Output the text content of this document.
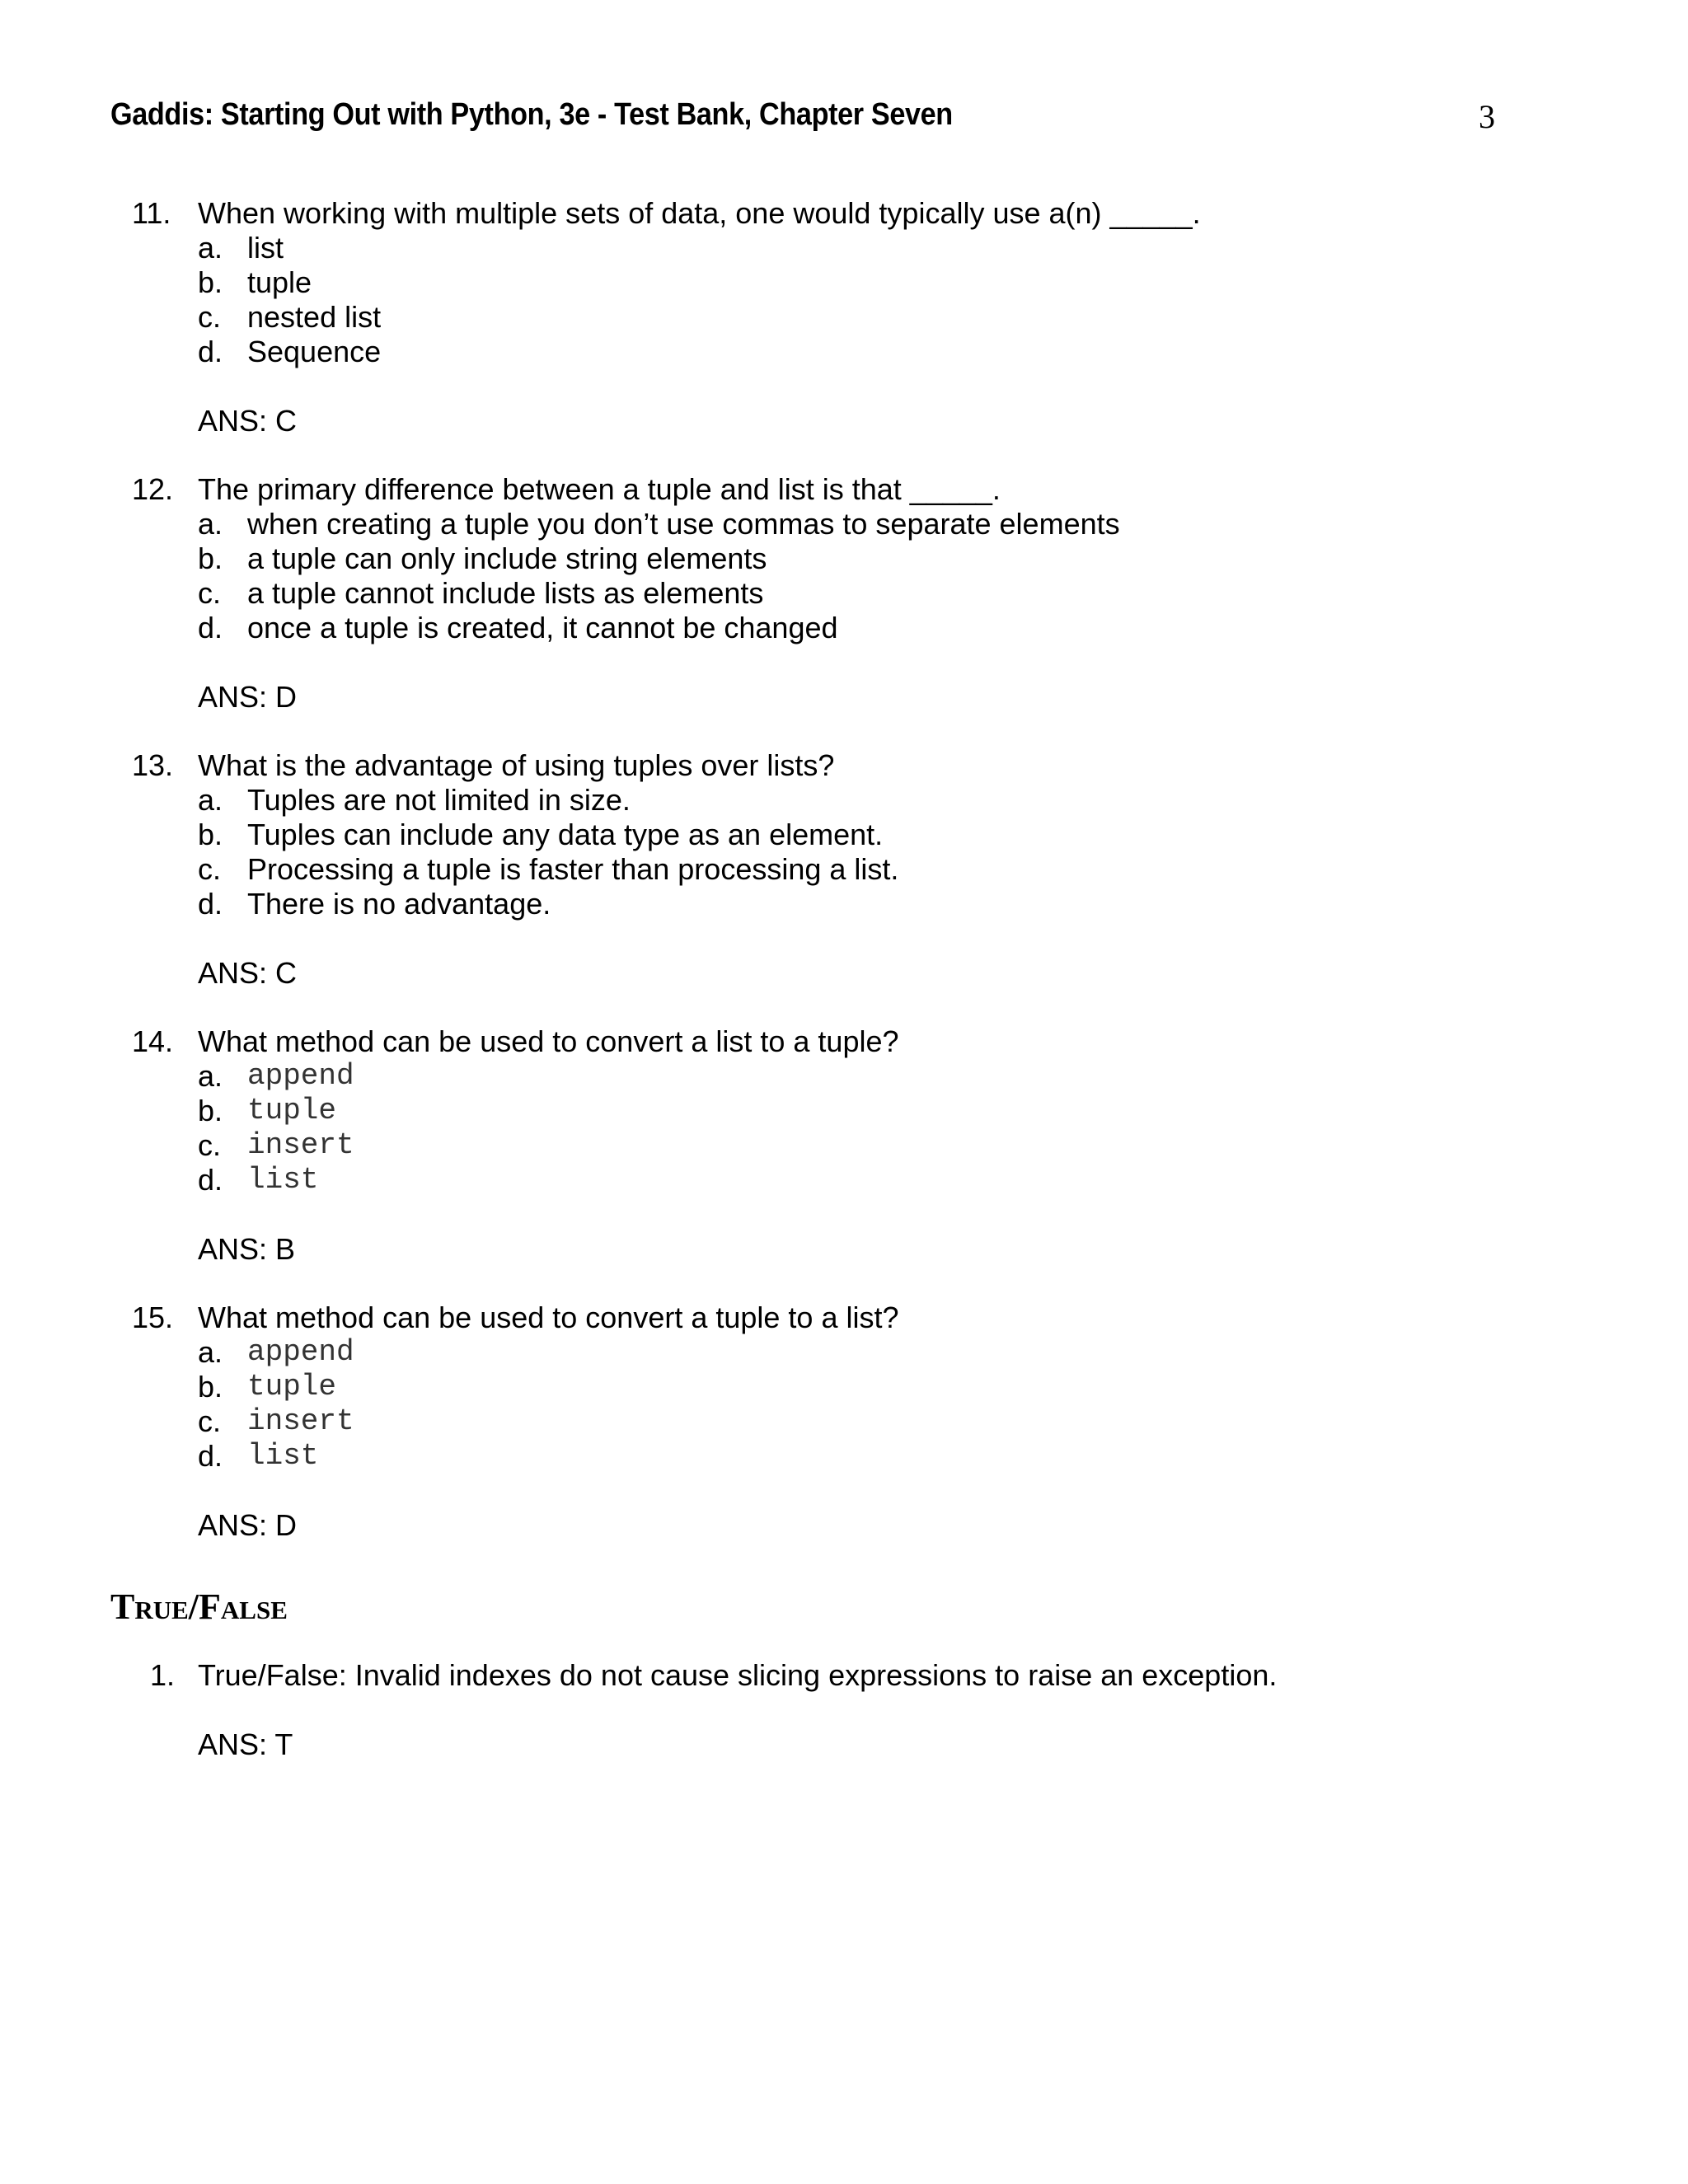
Gaddis: Starting Out with Python, 3e - Test Bank, Chapter Seven	3
11. When working with multiple sets of data, one would typically use a(n) _____.
a. list
b. tuple
c. nested list
d. Sequence
ANS: C
12. The primary difference between a tuple and list is that _____.
a. when creating a tuple you don’t use commas to separate elements
b. a tuple can only include string elements
c. a tuple cannot include lists as elements
d. once a tuple is created, it cannot be changed
ANS: D
13. What is the advantage of using tuples over lists?
a. Tuples are not limited in size.
b. Tuples can include any data type as an element.
c. Processing a tuple is faster than processing a list.
d. There is no advantage.
ANS: C
14. What method can be used to convert a list to a tuple?
a. append
b. tuple
c. insert
d. list
ANS: B
15. What method can be used to convert a tuple to a list?
a. append
b. tuple
c. insert
d. list
ANS: D
True/False
1. True/False: Invalid indexes do not cause slicing expressions to raise an exception.
ANS: T
